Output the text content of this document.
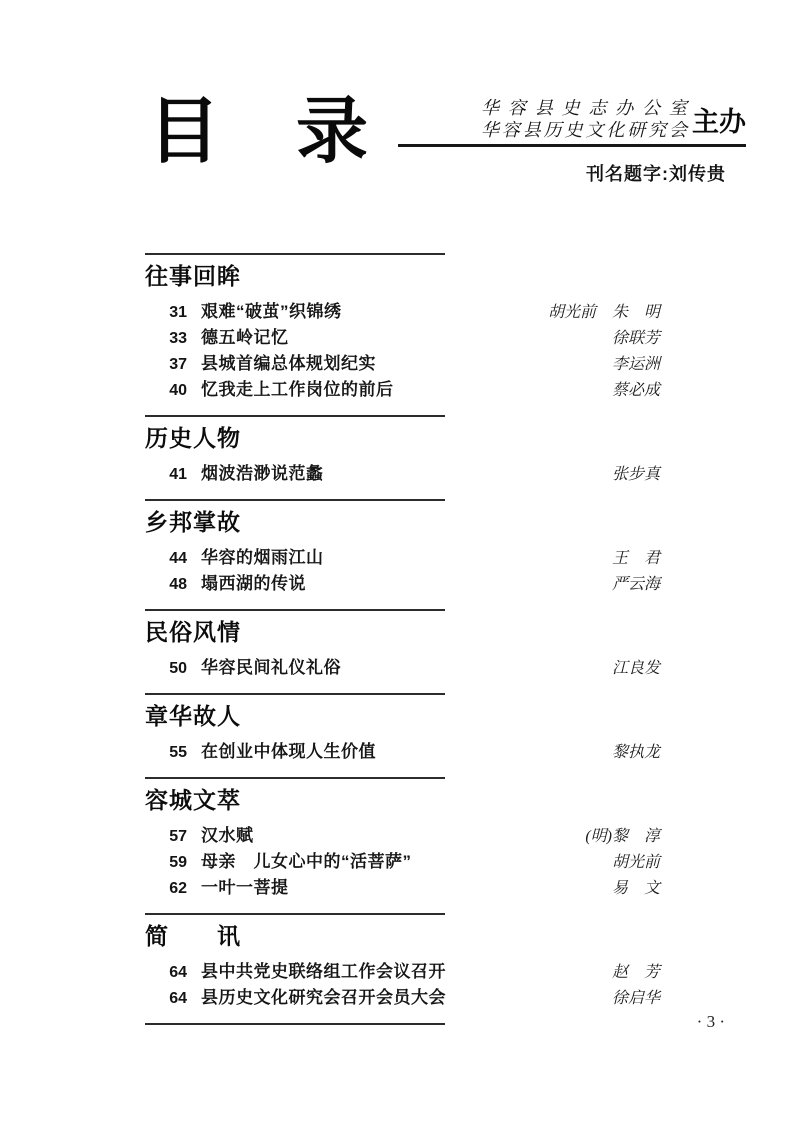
目　录	华容县史志办公室
华容县历史文化研究会 主办
刊名题字:刘传贵
往事回眸
31 艰难“破茧”织锦绣	胡光前　朱　明
33 德五岭记忆	徐联芳
37 县城首编总体规划纪实	李运洲
40 忆我走上工作岗位的前后	蔡必成
历史人物
41 烟波浩渺说范蠡	张步真
乡邦掌故
44 华容的烟雨江山	王　君
48 塌西湖的传说	严云海
民俗风情
50 华容民间礼仪礼俗	江良发
章华故人
55 在创业中体现人生价值	黎执龙
容城文萃
57 汉水赋	(明)黎　淳
59 母亲　儿女心中的“活菩萨”	胡光前
62 一叶一菩提	易　文
简　　讯
64 县中共党史联络组工作会议召开	赵　芳
64 县历史文化研究会召开会员大会	徐启华
· 3 ·
